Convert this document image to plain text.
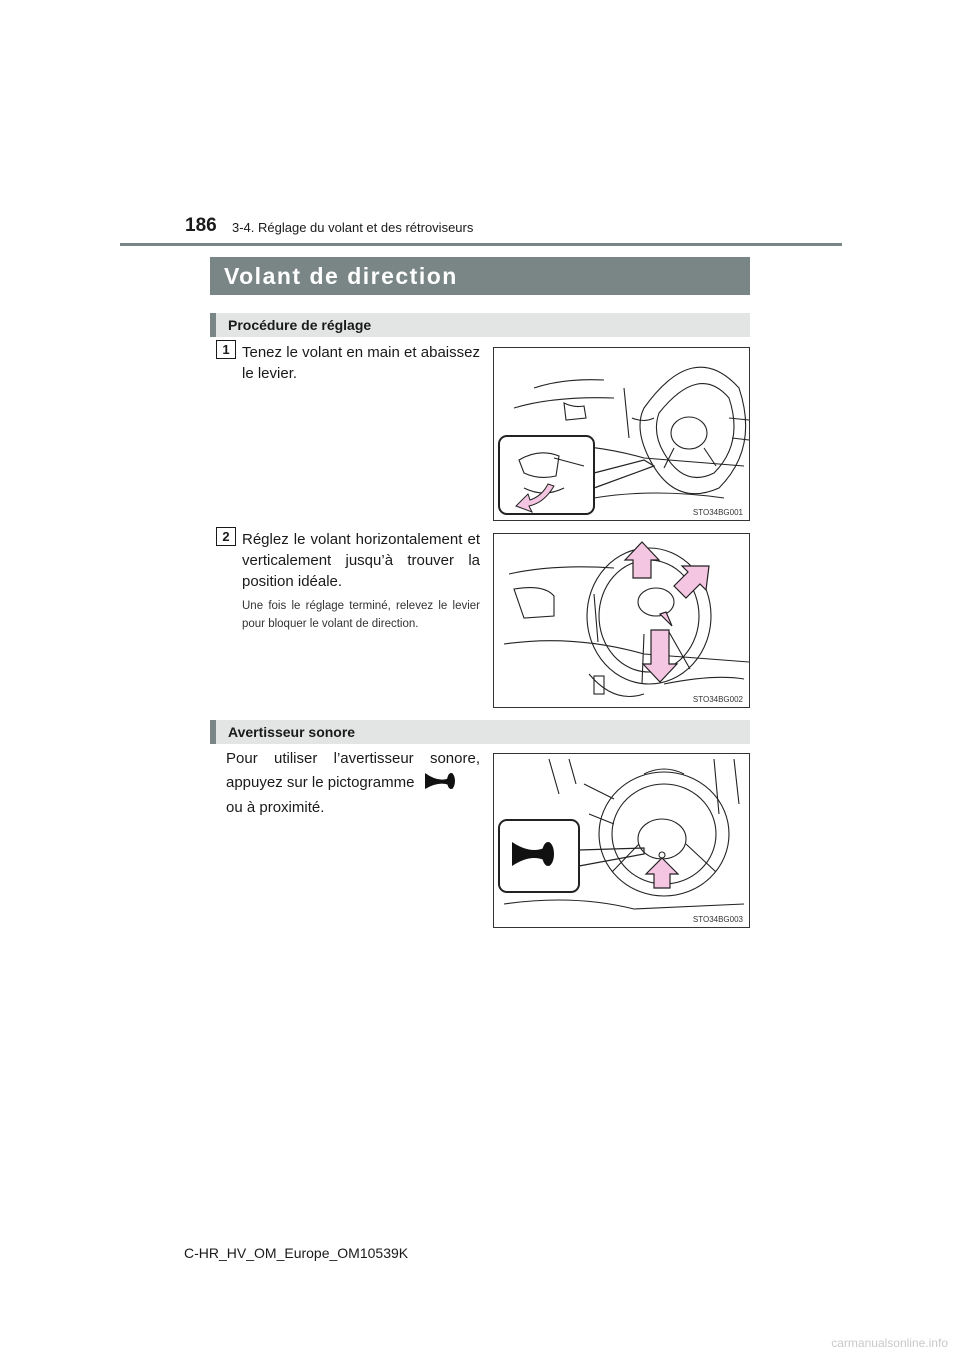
186 3-4. Réglage du volant et des rétroviseurs
Volant de direction
Procédure de réglage
1 Tenez le volant en main et abaissez le levier.
STO34BG001
2 Réglez le volant horizontalement et verticalement jusqu’à trouver la position idéale.
Une fois le réglage terminé, relevez le levier pour bloquer le volant de direction.
STO34BG002
Avertisseur sonore
Pour utiliser l’avertisseur sonore, appuyez sur le pictogramme
ou à proximité.
STO34BG003
C-HR_HV_OM_Europe_OM10539K
carmanualsonline.info
